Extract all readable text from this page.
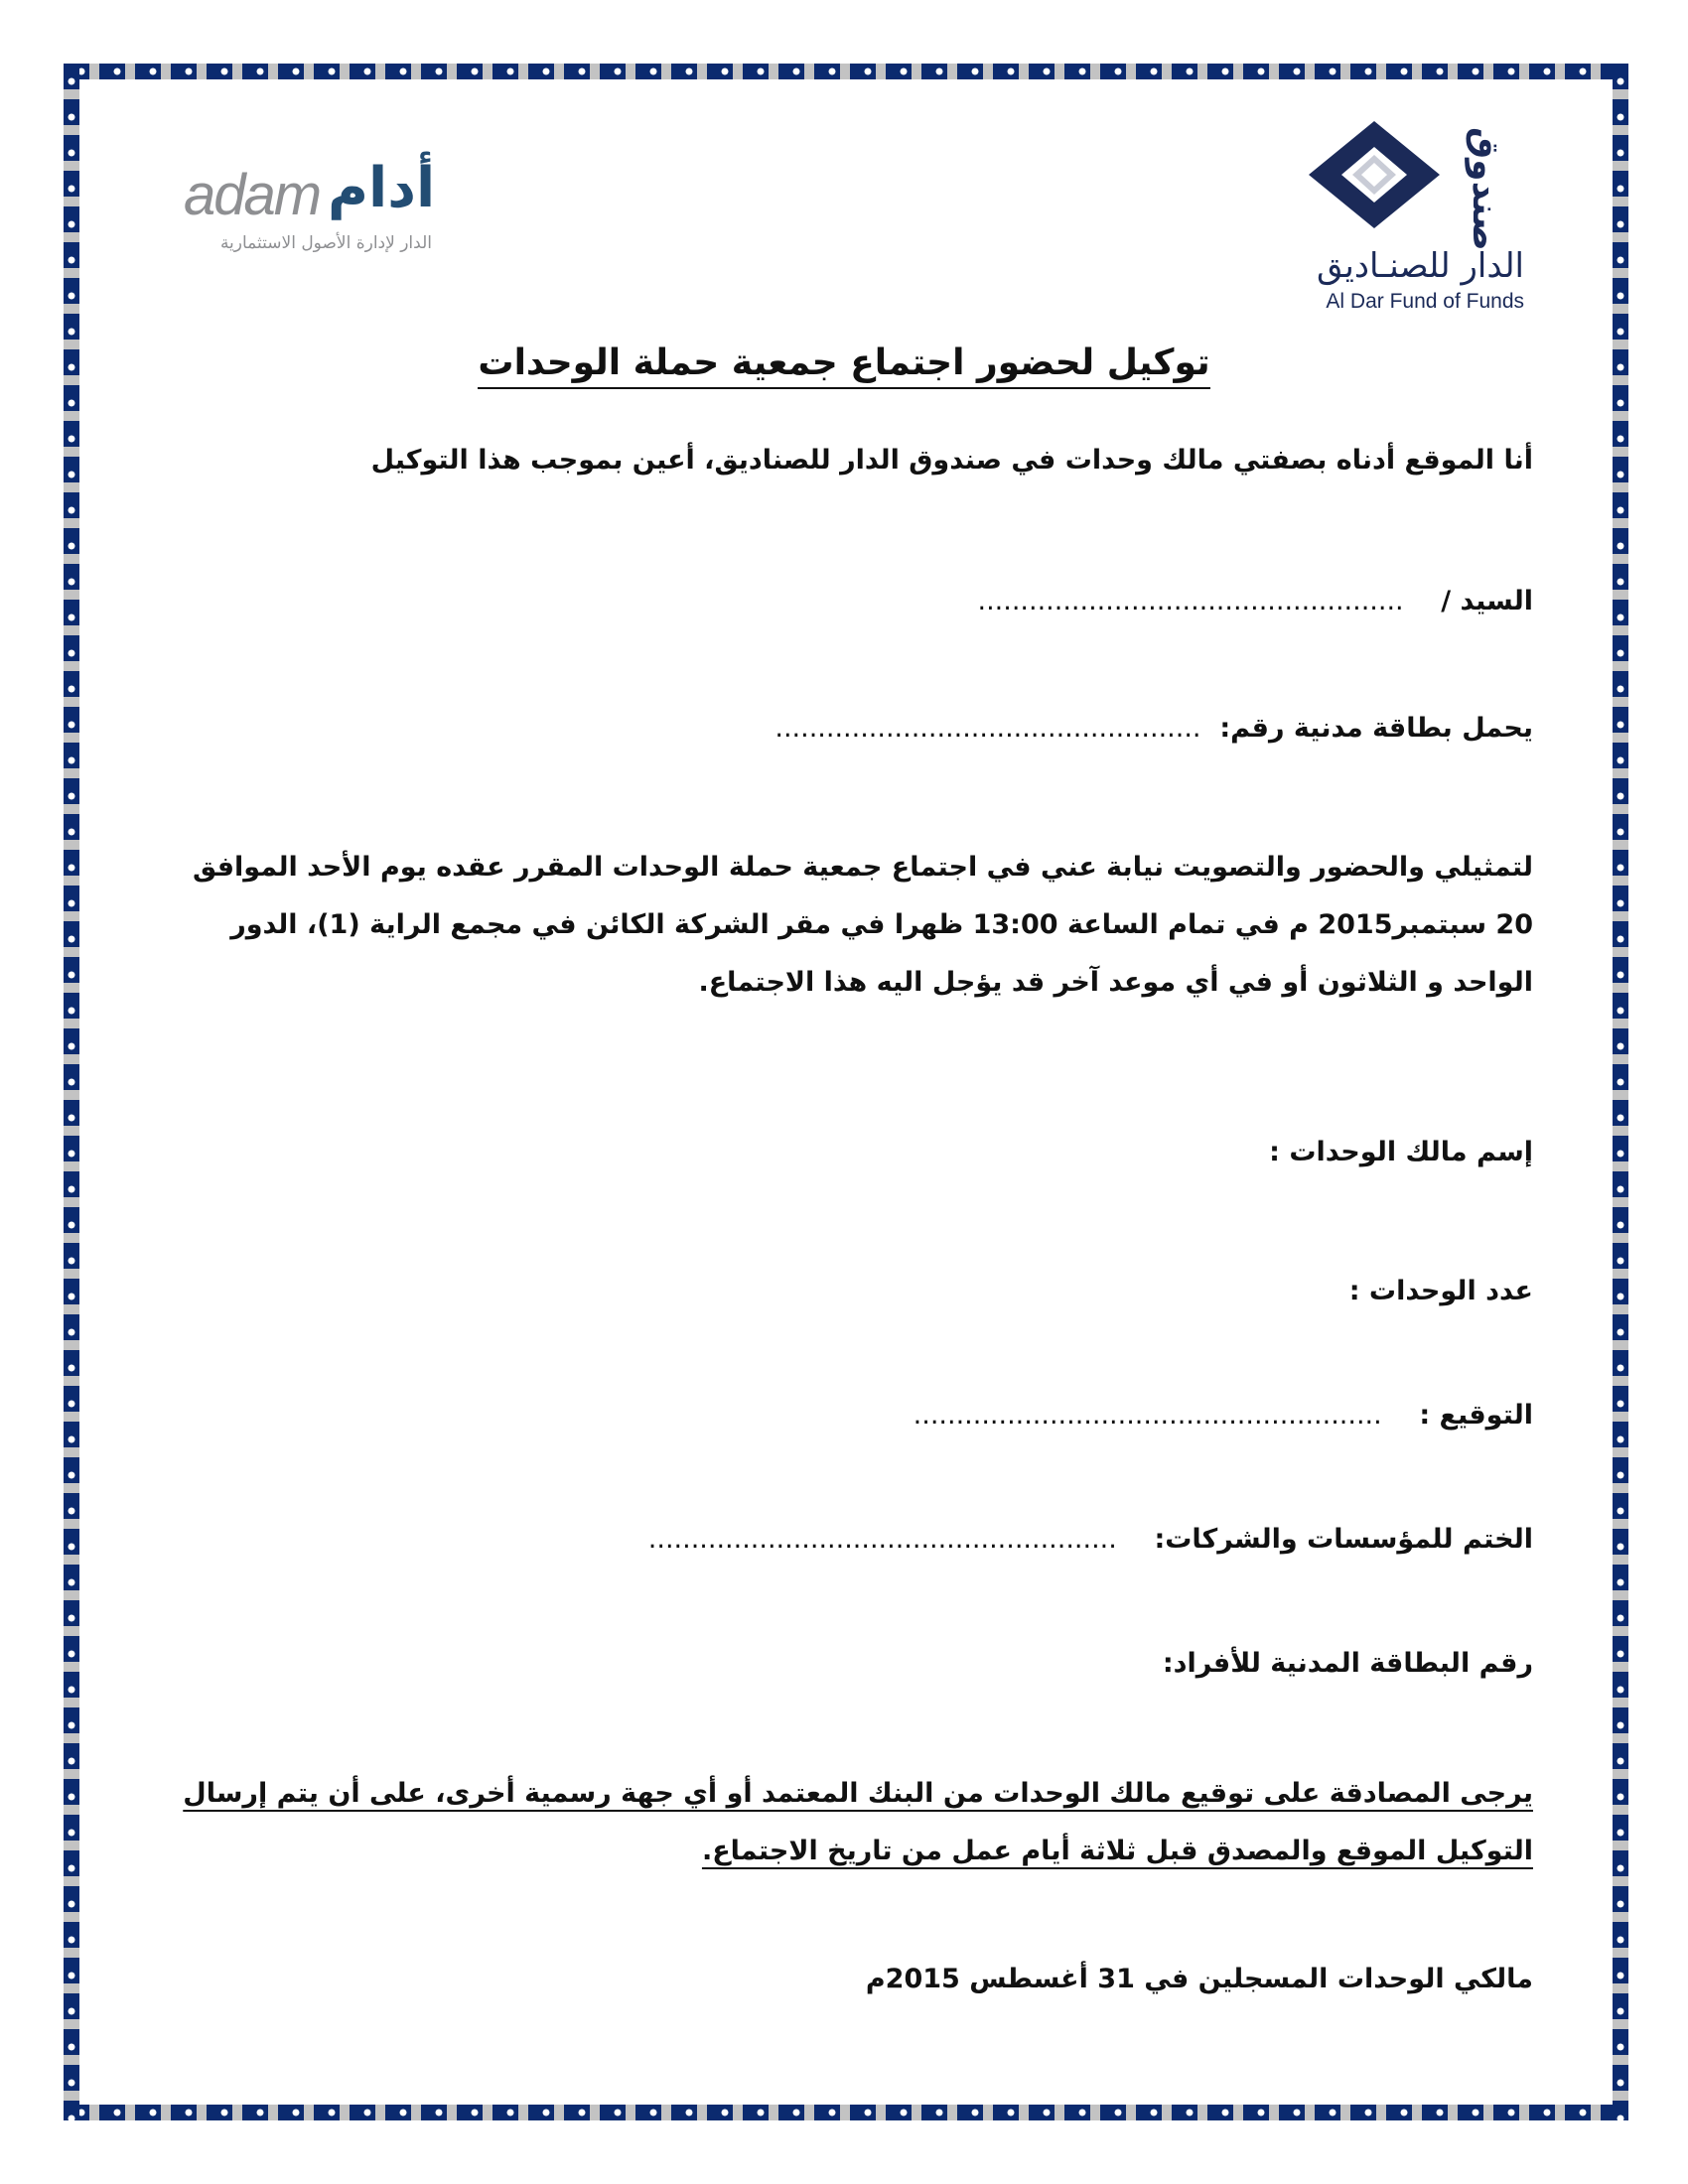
adam أدام
الدار لإدارة الأصول الاستثمارية	صندوق
الدار للصنـاديق
Al Dar Fund of Funds
توكيل لحضور اجتماع جمعية حملة الوحدات
أنا الموقع أدناه بصفتي مالك وحدات في صندوق الدار للصناديق، أعين بموجب هذا التوكيل
السيد /    ..................................................
يحمل بطاقة مدنية رقم:  ..................................................
لتمثيلي والحضور والتصويت نيابة عني في اجتماع جمعية حملة الوحدات المقرر عقده يوم الأحد الموافق 20 سبتمبر2015 م في تمام الساعة 13:00 ظهرا في مقر الشركة الكائن في مجمع الراية (1)، الدور الواحد و الثلاثون أو في أي موعد آخر قد يؤجل اليه هذا الاجتماع.
إسم مالك الوحدات :
عدد الوحدات :
التوقيع :    .......................................................
الختم للمؤسسات والشركات:    .......................................................
رقم البطاقة المدنية للأفراد:
يرجى المصادقة على توقيع مالك الوحدات من البنك المعتمد أو أي جهة رسمية أخرى، على أن يتم إرسال التوكيل الموقع والمصدق قبل ثلاثة أيام عمل من تاريخ الاجتماع.
مالكي الوحدات المسجلين في 31 أغسطس 2015م
